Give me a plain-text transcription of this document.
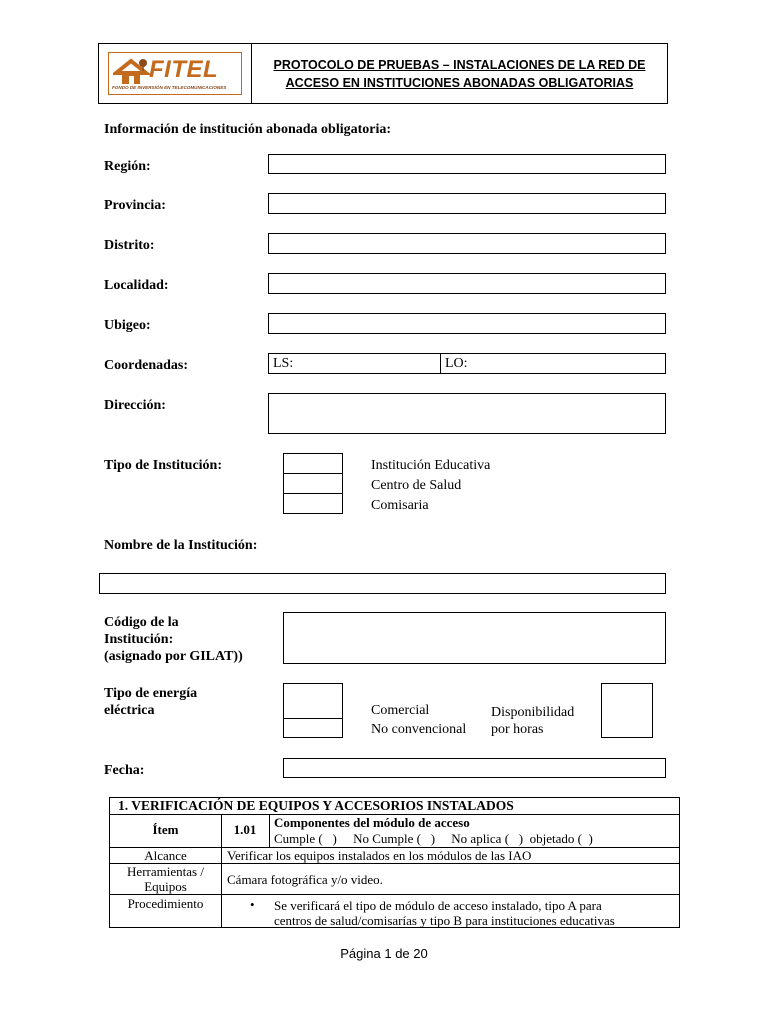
FITEL
FONDO DE INVERSIÓN EN TELECOMUNICACIONES
PROTOCOLO DE PRUEBAS – INSTALACIONES DE LA RED DE
ACCESO EN INSTITUCIONES ABONADAS OBLIGATORIAS
Información de institución abonada obligatoria:
Región:
Provincia:
Distrito:
Localidad:
Ubigeo:
Coordenadas:	LS:	LO:
Dirección:
Tipo de Institución:	Institución Educativa
Centro de Salud
Comisaria
Nombre de la Institución:
Código de la
Institución:
(asignado por GILAT))
Tipo de energía
eléctrica	Comercial
No convencional
Disponibilidad
por horas
Fecha:
1. VERIFICACIÓN DE EQUIPOS Y ACCESORIOS INSTALADOS
Ítem	1.01	Componentes del módulo de acceso
Cumple (   )     No Cumple (   )     No aplica (   )  objetado (  )
Alcance	Verificar los equipos instalados en los módulos de las IAO
Herramientas /
Equipos	Cámara fotográfica y/o video.
Procedimiento	• Se verificará el tipo de módulo de acceso instalado, tipo A para
centros de salud/comisarías y tipo B para instituciones educativas
Página 1 de 20
